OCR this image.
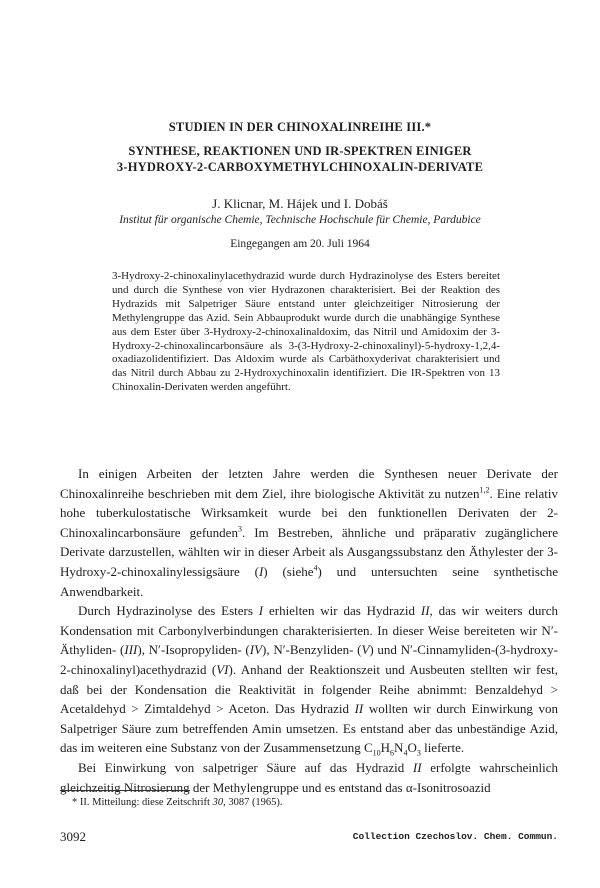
STUDIEN IN DER CHINOXALINREIHE III.*
SYNTHESE, REAKTIONEN UND IR-SPEKTREN EINIGER
3-HYDROXY-2-CARBOXYMETHYLCHINOXALIN-DERIVATE
J. Klicnar, M. Hájek und I. Dobáš
Institut für organische Chemie, Technische Hochschule für Chemie, Pardubice
Eingegangen am 20. Juli 1964
3-Hydroxy-2-chinoxalinylacethydrazid wurde durch Hydrazinolyse des Esters bereitet und durch die Synthese von vier Hydrazonen charakterisiert. Bei der Reaktion des Hydrazids mit Salpetriger Säure entstand unter gleichzeitiger Nitrosierung der Methylengruppe das Azid. Sein Abbauprodukt wurde durch die unabhängige Synthese aus dem Ester über 3-Hydroxy-2-chinoxalinaldoxim, das Nitril und Amidoxim der 3-Hydroxy-2-chinoxalincarbonsäure als 3-(3-Hydroxy-2-chinoxalinyl)-5-hydroxy-1,2,4-oxadiazolidentifiziert. Das Aldoxim wurde als Carbäthoxyderivat charakterisiert und das Nitril durch Abbau zu 2-Hydroxychinoxalin identifiziert. Die IR-Spektren von 13 Chinoxalin-Derivaten werden angeführt.

In einigen Arbeiten der letzten Jahre werden die Synthesen neuer Derivate der Chinoxalinreihe beschrieben mit dem Ziel, ihre biologische Aktivität zu nutzen$^{1,2}$. Eine relativ hohe tuberkulostatische Wirksamkeit wurde bei den funktionellen Derivaten der 2-Chinoxalincarbonsäure gefunden$^3$. Im Bestreben, ähnliche und präparativ zugänglichere Derivate darzustellen, wählten wir in dieser Arbeit als Ausgangssubstanz den Äthylester der 3-Hydroxy-2-chinoxalinylessigsäure (I) (siehe$^4$) und untersuchten seine synthetische Anwendbarkeit.

Durch Hydrazinolyse des Esters I erhielten wir das Hydrazid II, das wir weiters durch Kondensation mit Carbonylverbindungen charakterisierten. In dieser Weise bereiteten wir N′-Äthyliden- (III), N′-Isopropyliden- (IV), N′-Benzyliden- (V) und N′-Cinnamyliden-(3-hydroxy-2-chinoxalinyl)acethydrazid (VI). Anhand der Reaktionszeit und Ausbeuten stellten wir fest, daß bei der Kondensation die Reaktivität in folgender Reihe abnimmt: Benzaldehyd > Acetaldehyd > Zimtaldehyd > Aceton. Das Hydrazid II wollten wir durch Einwirkung von Salpetriger Säure zum betreffenden Amin umsetzen. Es entstand aber das unbeständige Azid, das im weiteren eine Substanz von der Zusammensetzung $C_{10}H_6N_4O_3$ lieferte.

Bei Einwirkung von salpetriger Säure auf das Hydrazid II erfolgte wahrscheinlich gleichzeitig Nitrosierung der Methylengruppe und es entstand das α-Isonitrosoazid

* II. Mitteilung: diese Zeitschrift 30, 3087 (1965).
3092	Collection Czechoslov. Chem. Commun.
